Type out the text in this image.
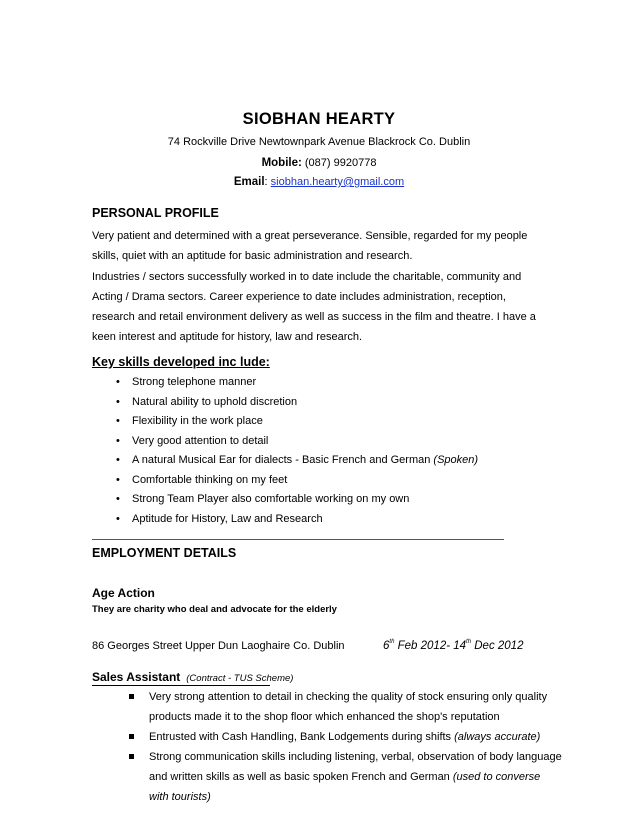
SIOBHAN HEARTY
74 Rockville Drive Newtownpark Avenue Blackrock Co. Dublin
Mobile: (087) 9920778
Email: siobhan.hearty@gmail.com
PERSONAL PROFILE

Very patient and determined with a great perseverance. Sensible, regarded for my people

skills, quiet with an aptitude for basic administration and research.

Industries / sectors successfully worked in to date include the charitable, community and

Acting / Drama sectors. Career experience to date includes administration, reception,

research and retail environment delivery as well as success in the film and theatre. I have a

keen interest and aptitude for history, law and research.

Key skills developed inc lude:
• Strong telephone manner
• Natural ability to uphold discretion
• Flexibility in the work place
• Very good attention to detail
• A natural Musical Ear for dialects - Basic French and German (Spoken)
• Comfortable thinking on my feet
• Strong Team Player also comfortable working on my own
• Aptitude for History, Law and Research
EMPLOYMENT DETAILS
Age Action
They are charity who deal and advocate for the elderly
86 Georges Street Upper Dun Laoghaire Co. Dublin	6th Feb 2012- 14th Dec 2012
Sales Assistant (Contract - TUS Scheme)
Very strong attention to detail in checking the quality of stock ensuring only quality products made it to the shop floor which enhanced the shop's reputation
Entrusted with Cash Handling, Bank Lodgements during shifts (always accurate)
Strong communication skills including listening, verbal, observation of body language and written skills as well as basic spoken French and German (used to converse with tourists)
